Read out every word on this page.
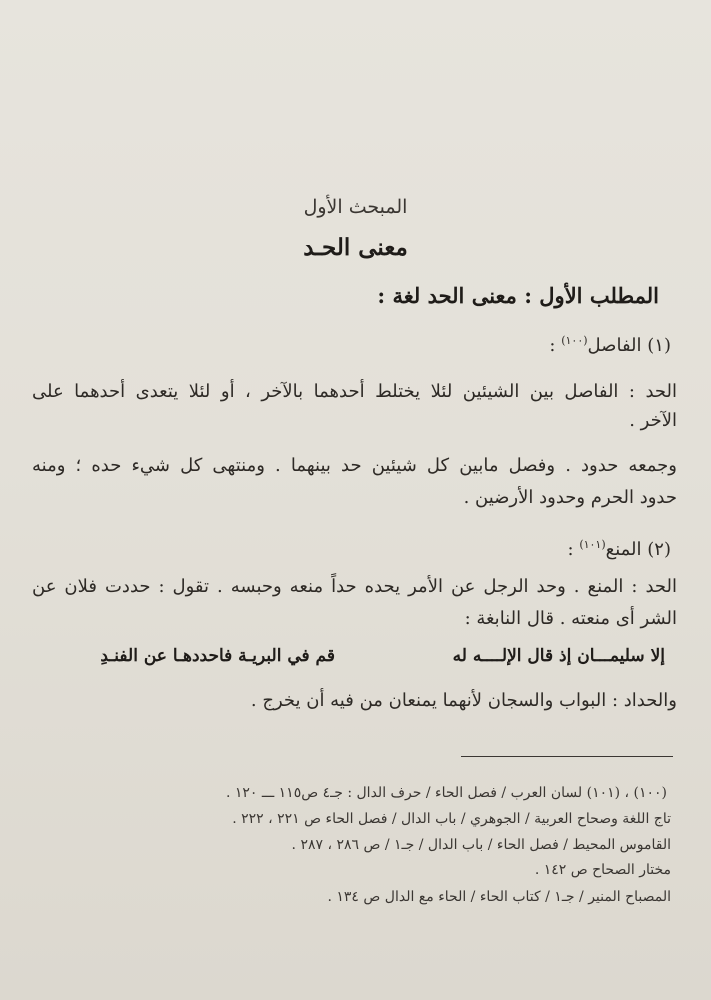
المبحث الأول
معنى الحـد
المطلب الأول : معنى الحد لغة :
(١) الفاصل$^{(١٠٠)}$ :
الحد : الفاصل بين الشيئين لئلا يختلط أحدهما بالآخر ، أو لئلا يتعدى أحدهما على
الآخر .
وجمعه حدود . وفصل مابين كل شيئين حد بينهما . ومنتهى كل شيء حده ؛ ومنه
حدود الحرم وحدود الأرضين .
(٢) المنع$^{(١٠١)}$ :
الحد : المنع . وحد الرجل عن الأمر يحده حداً منعه وحبسه . تقول : حددت فلان عن
الشر أى منعته . قال النابغة :
إلا سليمـــان إذ قال الإلــــه له
قم في البريـة فاحددهـا عن الفنـدِ
والحداد : البواب والسجان لأنهما يمنعان من فيه أن يخرج .
(١٠٠) ، (١٠١) لسان العرب / فصل الحاء / حرف الدال : جـ٤ ص١١٥ ـــ ١٢٠ .
تاج اللغة وصحاح العربية / الجوهري / باب الدال / فصل الحاء ص ٢٢١ ، ٢٢٢ .
القاموس المحيط / فصل الحاء / باب الدال / جـ١ / ص ٢٨٦ ، ٢٨٧ .
مختار الصحاح ص ١٤٢ .
المصباح المنير / جـ١ / كتاب الحاء / الحاء مع الدال ص ١٣٤ .
